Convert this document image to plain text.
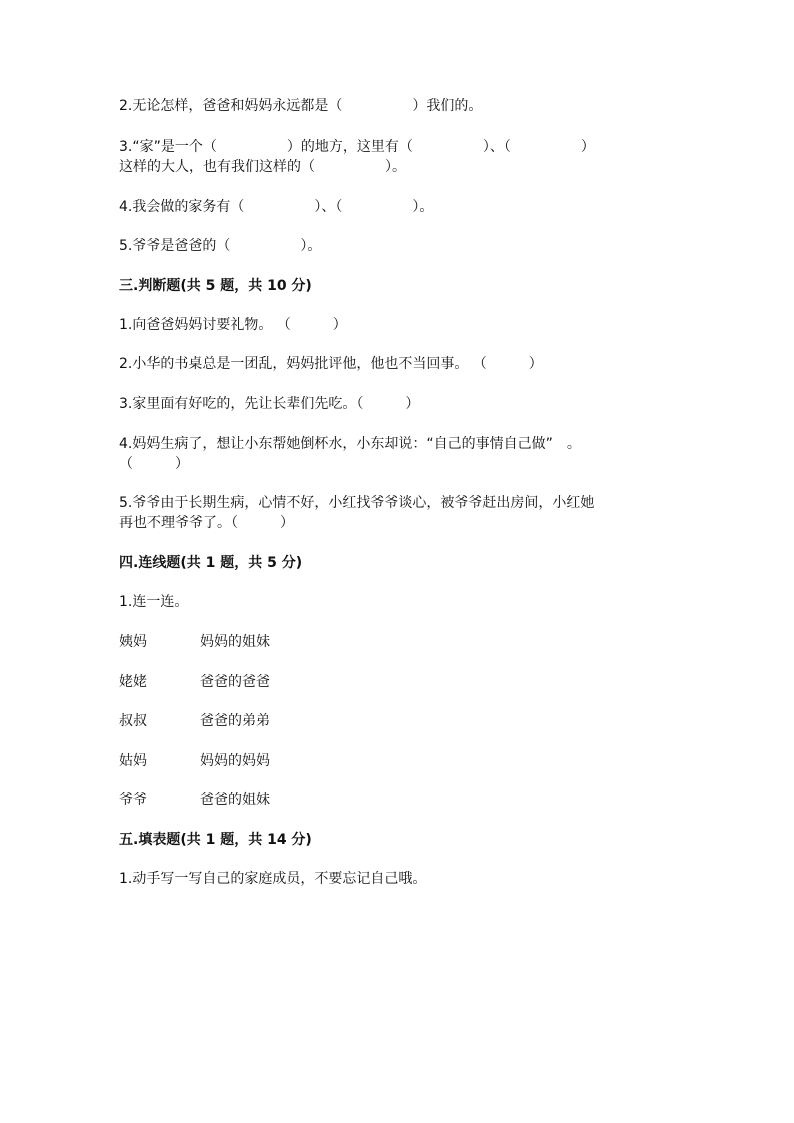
2.无论怎样，爸爸和妈妈永远都是（　　　　　）我们的。
3.“家”是一个（　　　　　）的地方，这里有（　　　　　）、（　　　　　）
这样的大人，也有我们这样的（　　　　　）。
4.我会做的家务有（　　　　　）、（　　　　　）。
5.爷爷是爸爸的（　　　　　）。
三.判断题(共 5 题，共 10 分)
1.向爸爸妈妈讨要礼物。 （　　　）
2.小华的书桌总是一团乱，妈妈批评他，他也不当回事。 （　　　）
3.家里面有好吃的，先让长辈们先吃。（　　　）
4.妈妈生病了，想让小东帮她倒杯水，小东却说：“自己的事情自己做”　。
（　　　）
5.爷爷由于长期生病，心情不好，小红找爷爷谈心，被爷爷赶出房间，小红她
再也不理爷爷了。（　　　）
四.连线题(共 1 题，共 5 分)
1.连一连。
姨妈	妈妈的姐妹
姥姥	爸爸的爸爸
叔叔	爸爸的弟弟
姑妈	妈妈的妈妈
爷爷	爸爸的姐妹
五.填表题(共 1 题，共 14 分)
1.动手写一写自己的家庭成员，不要忘记自己哦。
